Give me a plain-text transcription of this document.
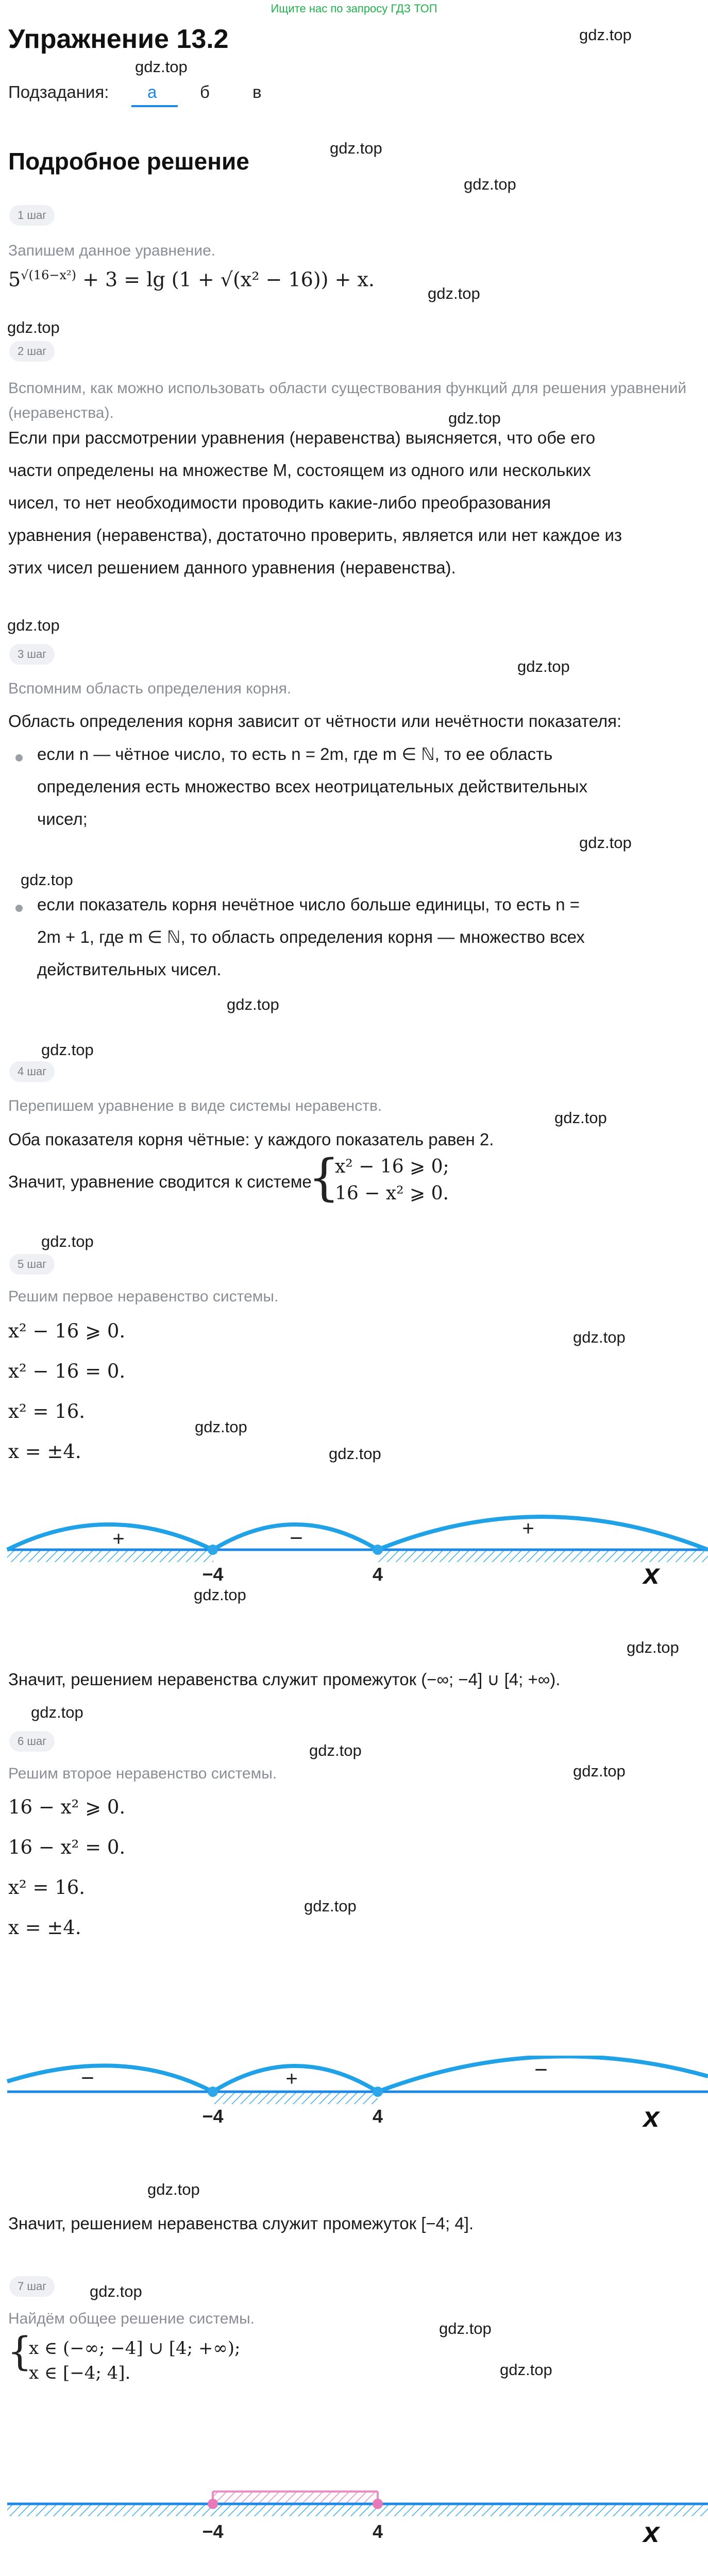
Ищите нас по запросу ГДЗ ТОП
Упражнение 13.2
gdz.top
gdz.top
Подзадания: а	б	в
gdz.top
Подробное решение
gdz.top
1 шаг
Запишем данное уравнение.
$5^{√(16-x^2)} + 3 = \lg (1 + √(x^2 - 16)) + x$.
gdz.top
gdz.top
2 шаг
Вспомним, как можно использовать области существования функций для решения уравнений (неравенства).	gdz.top
Если при рассмотрении уравнения (неравенства) выясняется, что обе его
части определены на множестве M, состоящем из одного или нескольких
чисел, то нет необходимости проводить какие-либо преобразования
уравнения (неравенства), достаточно проверить, является или нет каждое из
этих чисел решением данного уравнения (неравенства).
gdz.top
gdz.top
3 шаг
Вспомним область определения корня.
Область определения корня зависит от чётности или нечётности показателя:
если n — чётное число, то есть n = 2m, где m ∈ ℕ, то ее область
определения есть множество всех неотрицательных действительных
чисел;
gdz.top
gdz.top
если показатель корня нечётное число больше единицы, то есть n =
2m + 1, где m ∈ ℕ, то область определения корня — множество всех
действительных чисел.
gdz.top
gdz.top
4 шаг
Перепишем уравнение в виде системы неравенств.
gdz.top
Оба показателя корня чётные: у каждого показатель равен 2.
Значит, уравнение сводится к системе
{
x² − 16 ⩾ 0;
16 − x² ⩾ 0.
gdz.top
5 шаг
Решим первое неравенство системы.
x² − 16 ⩾ 0.	gdz.top
x² − 16 = 0.
x² = 16.
gdz.top
x = ±4.	gdz.top
+	−	+
−4	4	x
gdz.top
gdz.top
Значит, решением неравенства служит промежуток (−∞; −4] ∪ [4; +∞).
gdz.top
6 шаг
gdz.top
Решим второе неравенство системы.
16 − x² ⩾ 0.
gdz.top
16 − x² = 0.
x² = 16.
gdz.top
x = ±4.
−	+	−
−4	4	x
gdz.top
Значит, решением неравенства служит промежуток [−4; 4].
7 шаг	gdz.top
Найдём общее решение системы.
gdz.top
{
x ∈ (−∞; −4] ∪ [4; +∞);
x ∈ [−4; 4].	gdz.top
−4	4	x
